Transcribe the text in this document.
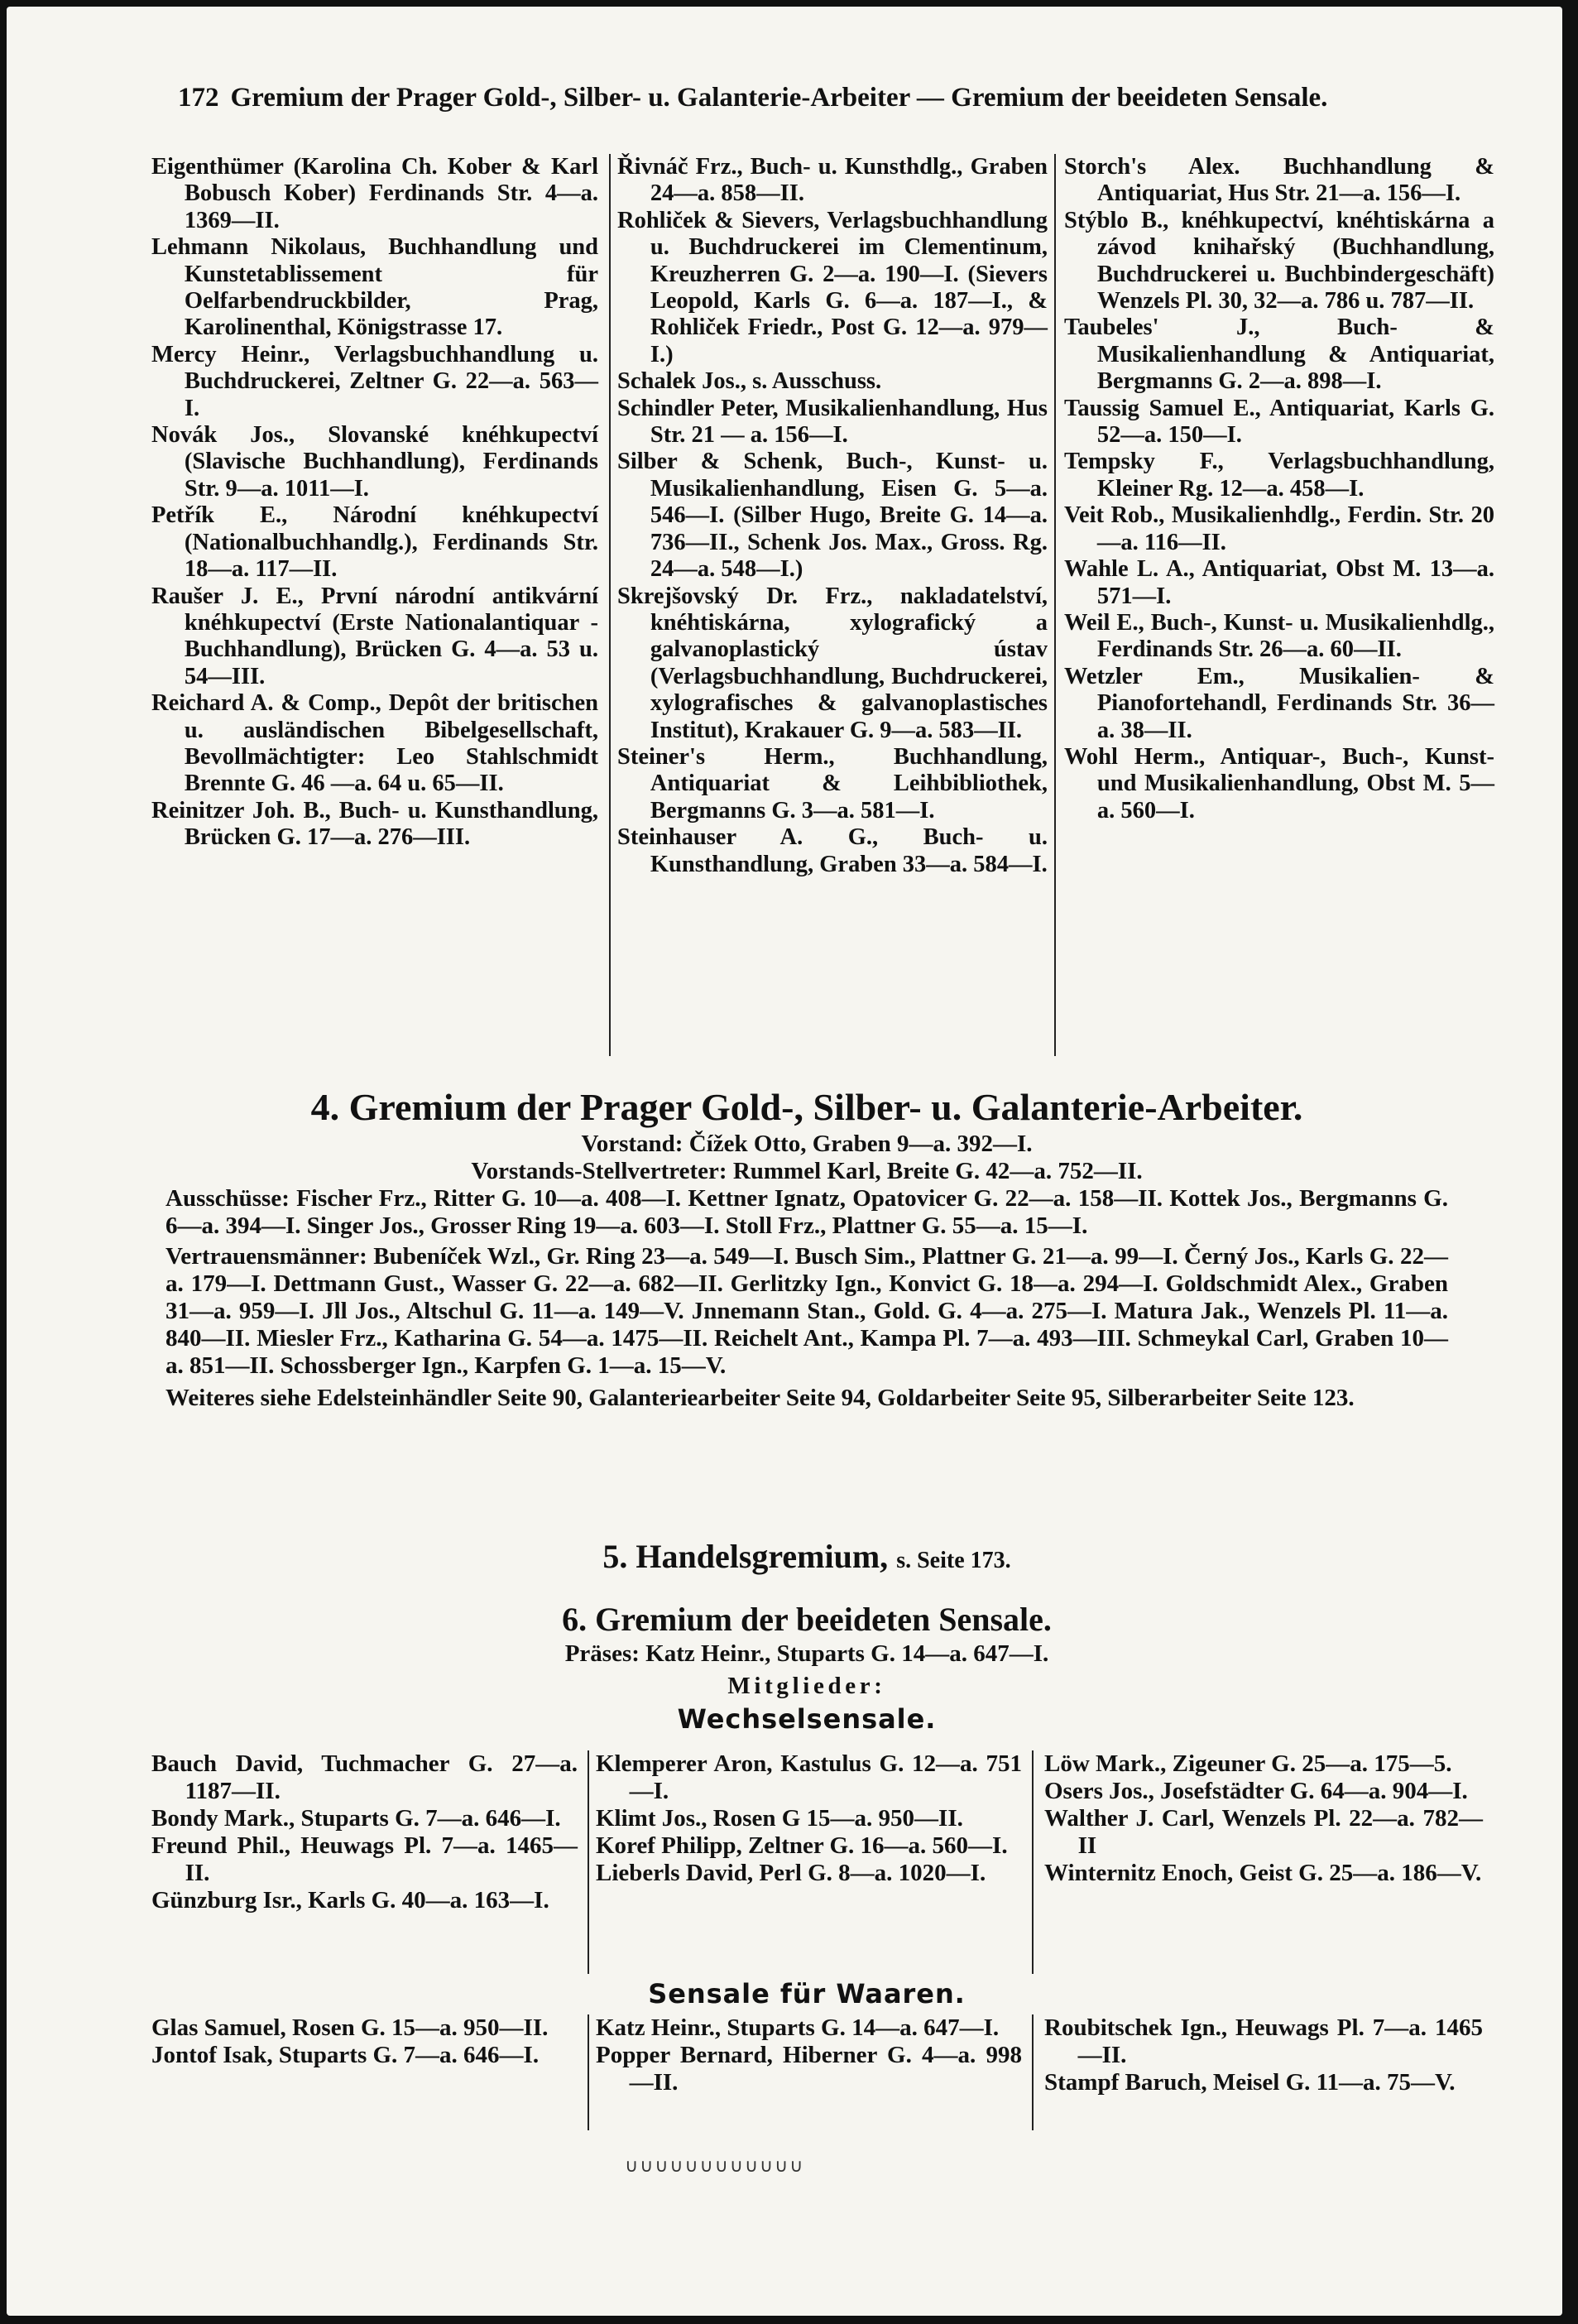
172 Gremium der Prager Gold-, Silber- u. Galanterie-Arbeiter — Gremium der beeideten Sensale.

Eigenthümer (Karolina Ch. Kober & Karl Bobusch Kober) Ferdinands Str. 4—a. 1369—II.

Lehmann Nikolaus, Buchhandlung und Kunstetablissement für Oelfarbendruckbilder, Prag, Karolinenthal, Königstrasse 17.

Mercy Heinr., Verlagsbuchhandlung u. Buchdruckerei, Zeltner G. 22—a. 563—I.

Novák Jos., Slovanské knéhkupectví (Slavische Buchhandlung), Ferdinands Str. 9—a. 1011—I.

Petřík E., Národní knéhkupectví (Nationalbuchhandlg.), Ferdinands Str. 18—a. 117—II.

Raušer J. E., První národní antikvární knéhkupectví (Erste Nationalantiquar - Buchhandlung), Brücken G. 4—a. 53 u. 54—III.

Reichard A. & Comp., Depôt der britischen u. ausländischen Bibelgesellschaft, Bevollmächtigter: Leo Stahlschmidt Brennte G. 46 —a. 64 u. 65—II.

Reinitzer Joh. B., Buch- u. Kunsthandlung, Brücken G. 17—a. 276—III.

Řivnáč Frz., Buch- u. Kunsthdlg., Graben 24—a. 858—II.

Rohliček & Sievers, Verlagsbuchhandlung u. Buchdruckerei im Clementinum, Kreuzherren G. 2—a. 190—I. (Sievers Leopold, Karls G. 6—a. 187—I., & Rohliček Friedr., Post G. 12—a. 979—I.)

Schalek Jos., s. Ausschuss.

Schindler Peter, Musikalienhandlung, Hus Str. 21 — a. 156—I.

Silber & Schenk, Buch-, Kunst- u. Musikalienhandlung, Eisen G. 5—a. 546—I. (Silber Hugo, Breite G. 14—a. 736—II., Schenk Jos. Max., Gross. Rg. 24—a. 548—I.)

Skrejšovský Dr. Frz., nakladatelství, knéhtiskárna, xylografický a galvanoplastický ústav (Verlagsbuchhandlung, Buchdruckerei, xylografisches & galvanoplastisches Institut), Krakauer G. 9—a. 583—II.

Steiner's Herm., Buchhandlung, Antiquariat & Leihbibliothek, Bergmanns G. 3—a. 581—I.

Steinhauser A. G., Buch- u. Kunsthandlung, Graben 33—a. 584—I.

Storch's Alex. Buchhandlung & Antiquariat, Hus Str. 21—a. 156—I.

Stýblo B., knéhkupectví, knéhtiskárna a závod knihařský (Buchhandlung, Buchdruckerei u. Buchbindergeschäft) Wenzels Pl. 30, 32—a. 786 u. 787—II.

Taubeles' J., Buch- & Musikalienhandlung & Antiquariat, Bergmanns G. 2—a. 898—I.

Taussig Samuel E., Antiquariat, Karls G. 52—a. 150—I.

Tempsky F., Verlagsbuchhandlung, Kleiner Rg. 12—a. 458—I.

Veit Rob., Musikalienhdlg., Ferdin. Str. 20—a. 116—II.

Wahle L. A., Antiquariat, Obst M. 13—a. 571—I.

Weil E., Buch-, Kunst- u. Musikalienhdlg., Ferdinands Str. 26—a. 60—II.

Wetzler Em., Musikalien- & Pianofortehandl, Ferdinands Str. 36—a. 38—II.

Wohl Herm., Antiquar-, Buch-, Kunst- und Musikalienhandlung, Obst M. 5—a. 560—I.

4. Gremium der Prager Gold-, Silber- u. Galanterie-Arbeiter.
Vorstand: Čížek Otto, Graben 9—a. 392—I.
Vorstands-Stellvertreter: Rummel Karl, Breite G. 42—a. 752—II.
Ausschüsse: Fischer Frz., Ritter G. 10—a. 408—I. Kettner Ignatz, Opatovicer G. 22—a. 158—II. Kottek Jos., Bergmanns G. 6—a. 394—I. Singer Jos., Grosser Ring 19—a. 603—I. Stoll Frz., Plattner G. 55—a. 15—I.
Vertrauensmänner: Bubeníček Wzl., Gr. Ring 23—a. 549—I. Busch Sim., Plattner G. 21—a. 99—I. Černý Jos., Karls G. 22—a. 179—I. Dettmann Gust., Wasser G. 22—a. 682—II. Gerlitzky Ign., Konvict G. 18—a. 294—I. Goldschmidt Alex., Graben 31—a. 959—I. Jll Jos., Altschul G. 11—a. 149—V. Jnnemann Stan., Gold. G. 4—a. 275—I. Matura Jak., Wenzels Pl. 11—a. 840—II. Miesler Frz., Katharina G. 54—a. 1475—II. Reichelt Ant., Kampa Pl. 7—a. 493—III. Schmeykal Carl, Graben 10—a. 851—II. Schossberger Ign., Karpfen G. 1—a. 15—V.
Weiteres siehe Edelsteinhändler Seite 90, Galanteriearbeiter Seite 94, Goldarbeiter Seite 95, Silberarbeiter Seite 123.
5. Handelsgremium, s. Seite 173.
6. Gremium der beeideten Sensale.
Präses: Katz Heinr., Stuparts G. 14—a. 647—I.
Mitglieder:
Wechselsensale.

Bauch David, Tuchmacher G. 27—a. 1187—II.

Bondy Mark., Stuparts G. 7—a. 646—I.

Freund Phil., Heuwags Pl. 7—a. 1465—II.

Günzburg Isr., Karls G. 40—a. 163—I.

Klemperer Aron, Kastulus G. 12—a. 751—I.

Klimt Jos., Rosen G 15—a. 950—II.

Koref Philipp, Zeltner G. 16—a. 560—I.

Lieberls David, Perl G. 8—a. 1020—I.

Löw Mark., Zigeuner G. 25—a. 175—5.

Osers Jos., Josefstädter G. 64—a. 904—I.

Walther J. Carl, Wenzels Pl. 22—a. 782—II

Winternitz Enoch, Geist G. 25—a. 186—V.

Sensale für Waaren.

Glas Samuel, Rosen G. 15—a. 950—II.

Jontof Isak, Stuparts G. 7—a. 646—I.

Katz Heinr., Stuparts G. 14—a. 647—I.

Popper Bernard, Hiberner G. 4—a. 998—II.

Roubitschek Ign., Heuwags Pl. 7—a. 1465—II.

Stampf Baruch, Meisel G. 11—a. 75—V.

∪∪∪∪∪∪∪∪∪∪∪∪
